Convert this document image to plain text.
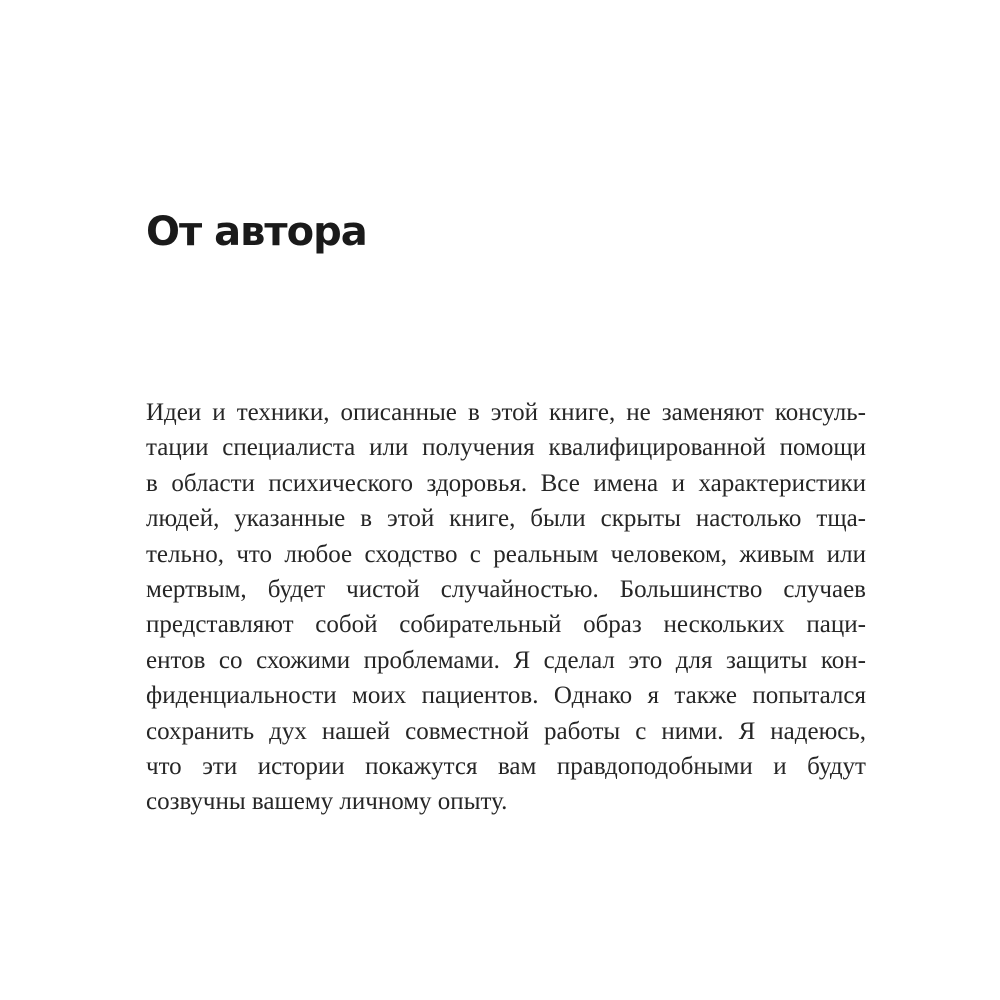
От автора
Идеи и техники, описанные в этой книге, не заменяют консуль-
тации специалиста или получения квалифицированной помощи
в области психического здоровья. Все имена и характеристики
людей, указанные в этой книге, были скрыты настолько тща-
тельно, что любое сходство с реальным человеком, живым или
мертвым, будет чистой случайностью. Большинство случаев
представляют собой собирательный образ нескольких паци-
ентов со схожими проблемами. Я сделал это для защиты кон-
фиденциальности моих пациентов. Однако я также попытался
сохранить дух нашей совместной работы с ними. Я надеюсь,
что эти истории покажутся вам правдоподобными и будут
созвучны вашему личному опыту.
